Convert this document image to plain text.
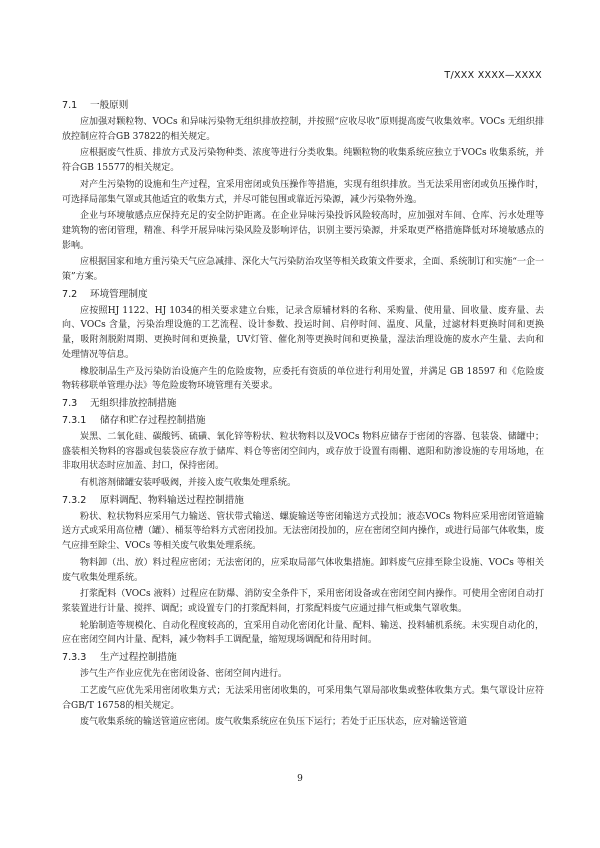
T/XXX XXXX—XXXX
7.1 一般原则

应加强对颗粒物、VOCs 和异味污染物无组织排放控制，并按照“应收尽收”原则提高废气收集效率。VOCs 无组织排放控制应符合GB 37822的相关规定。

应根据废气性质、排放方式及污染物种类、浓度等进行分类收集。纯颗粒物的收集系统应独立于VOCs 收集系统，并符合GB 15577的相关规定。

对产生污染物的设施和生产过程，宜采用密闭或负压操作等措施，实现有组织排放。当无法采用密闭或负压操作时，可选择局部集气罩或其他适宜的收集方式，并尽可能包围或靠近污染源，减少污染物外逸。

企业与环境敏感点应保持充足的安全防护距离。在企业异味污染投诉风险较高时，应加强对车间、仓库、污水处理等建筑物的密闭管理，精准、科学开展异味污染风险及影响评估，识别主要污染源，并采取更严格措施降低对环境敏感点的影响。

应根据国家和地方重污染天气应急减排、深化大气污染防治攻坚等相关政策文件要求，全面、系统制订和实施“一企一策”方案。

7.2 环境管理制度

应按照HJ 1122、HJ 1034的相关要求建立台账，记录含原辅材料的名称、采购量、使用量、回收量、废弃量、去向、VOCs 含量，污染治理设施的工艺流程、设计参数、投运时间、启停时间、温度、风量，过滤材料更换时间和更换量，吸附剂脱附周期、更换时间和更换量，UV灯管、催化剂等更换时间和更换量，湿法治理设施的废水产生量、去向和处理情况等信息。

橡胶制品生产及污染防治设施产生的危险废物，应委托有资质的单位进行利用处置，并满足 GB 18597 和《危险废物转移联单管理办法》等危险废物环境管理有关要求。

7.3 无组织排放控制措施
7.3.1 储存和贮存过程控制措施

炭黑、二氧化硅、碳酸钙、硫磺、氧化锌等粉状、粒状物料以及VOCs 物料应储存于密闭的容器、包装袋、储罐中；盛装相关物料的容器或包装袋应存放于储库、料仓等密闭空间内，或存放于设置有雨棚、遮阳和防渗设施的专用场地，在非取用状态时应加盖、封口，保持密闭。

有机溶剂储罐安装呼吸阀，并接入废气收集处理系统。

7.3.2 原料调配、物料输送过程控制措施

粉状、粒状物料应采用气力输送、管状带式输送、螺旋输送等密闭输送方式投加；液态VOCs 物料应采用密闭管道输送方式或采用高位槽（罐）、桶泵等给料方式密闭投加。无法密闭投加的，应在密闭空间内操作，或进行局部气体收集，废气应排至除尘、VOCs 等相关废气收集处理系统。

物料卸（出、放）料过程应密闭；无法密闭的，应采取局部气体收集措施。卸料废气应排至除尘设施、VOCs 等相关废气收集处理系统。

打浆配料（VOCs 液料）过程应在防爆、消防安全条件下，采用密闭设备或在密闭空间内操作。可使用全密闭自动打浆装置进行计量、搅拌、调配；或设置专门的打浆配料间，打浆配料废气应通过排气柜或集气罩收集。

轮胎制造等规模化、自动化程度较高的，宜采用自动化密闭化计量、配料、输送、投料辅机系统。未实现自动化的，应在密闭空间内计量、配料，减少物料手工调配量，缩短现场调配和待用时间。

7.3.3 生产过程控制措施

涉气生产作业应优先在密闭设备、密闭空间内进行。

工艺废气应优先采用密闭收集方式；无法采用密闭收集的，可采用集气罩局部收集或整体收集方式。集气罩设计应符合GB/T 16758的相关规定。

废气收集系统的输送管道应密闭。废气收集系统应在负压下运行；若处于正压状态，应对输送管道

9
